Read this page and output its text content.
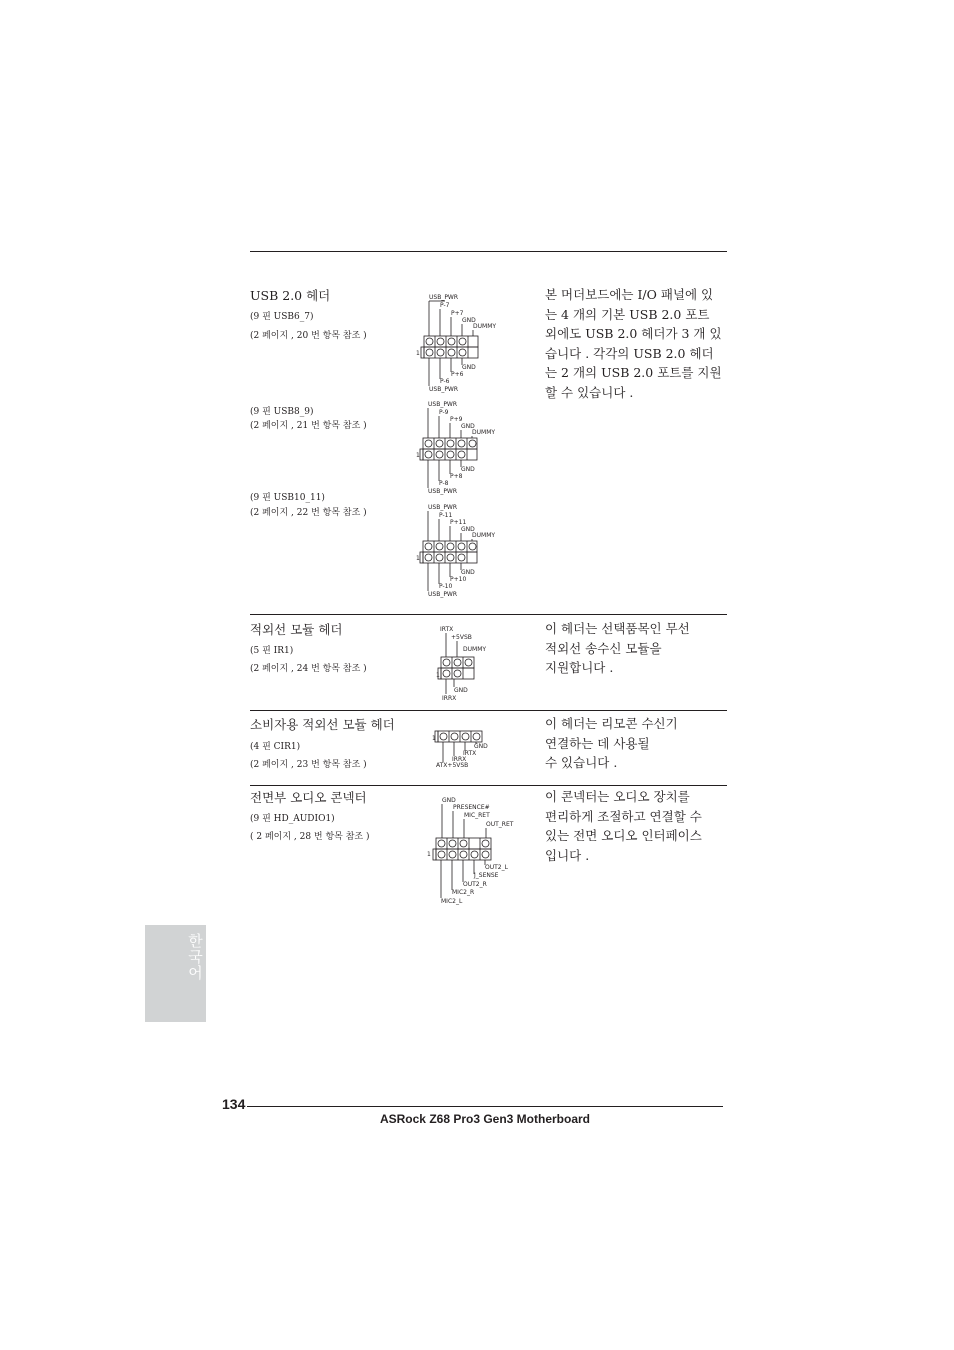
USB 2.0 헤더
(9 핀 USB6_7)
(2 페이지 , 20 번 항목 참조 )
(9 핀 USB8_9)
(2 페이지 , 21 번 항목 참조 )
(9 핀 USB10_11)
(2 페이지 , 22 번 항목 참조 )
본 머더보드에는 I/O 패널에 있
는 4 개의 기본 USB 2.0 포트
외에도 USB 2.0 헤더가 3 개 있
습니다 . 각각의 USB 2.0 헤더
는 2 개의 USB 2.0 포트를 지원
할 수 있습니다 .
USB_PWR
P-7
P+7
GND
DUMMY
1
GND
P+6
P-6
USB_PWR
USB_PWR
P-9
P+9
GND
DUMMY
1
GND
P+8
P-8
USB_PWR
USB_PWR
P-11
P+11
GND
DUMMY
1
GND
P+10
P-10
USB_PWR
적외선 모듈 헤더
(5 핀 IR1)
(2 페이지 , 24 번 항목 참조 )
이 헤더는 선택품목인 무선
적외선 송수신 모듈을
지원합니다 .
IRTX
+5VSB
DUMMY
1
GND
IRRX
소비자용 적외선 모듈 헤더
(4 핀 CIR1)
(2 페이지 , 23 번 항목 참조 )
이 헤더는 리모콘 수신기
연결하는 데 사용될
수 있습니다 .
1
GND
IRTX
IRRX
ATX+5VSB
전면부 오디오 콘넥터
(9 핀 HD_AUDIO1)
( 2 페이지 , 28 번 항목 참조 )
이 콘넥터는 오디오 장치를
편리하게 조절하고 연결할 수
있는 전면 오디오 인터페이스
입니다 .
GND
PRESENCE#
MIC_RET
OUT_RET
1
OUT2_L
J_SENSE
OUT2_R
MIC2_R
MIC2_L
한국어
134
ASRock Z68 Pro3 Gen3 Motherboard
